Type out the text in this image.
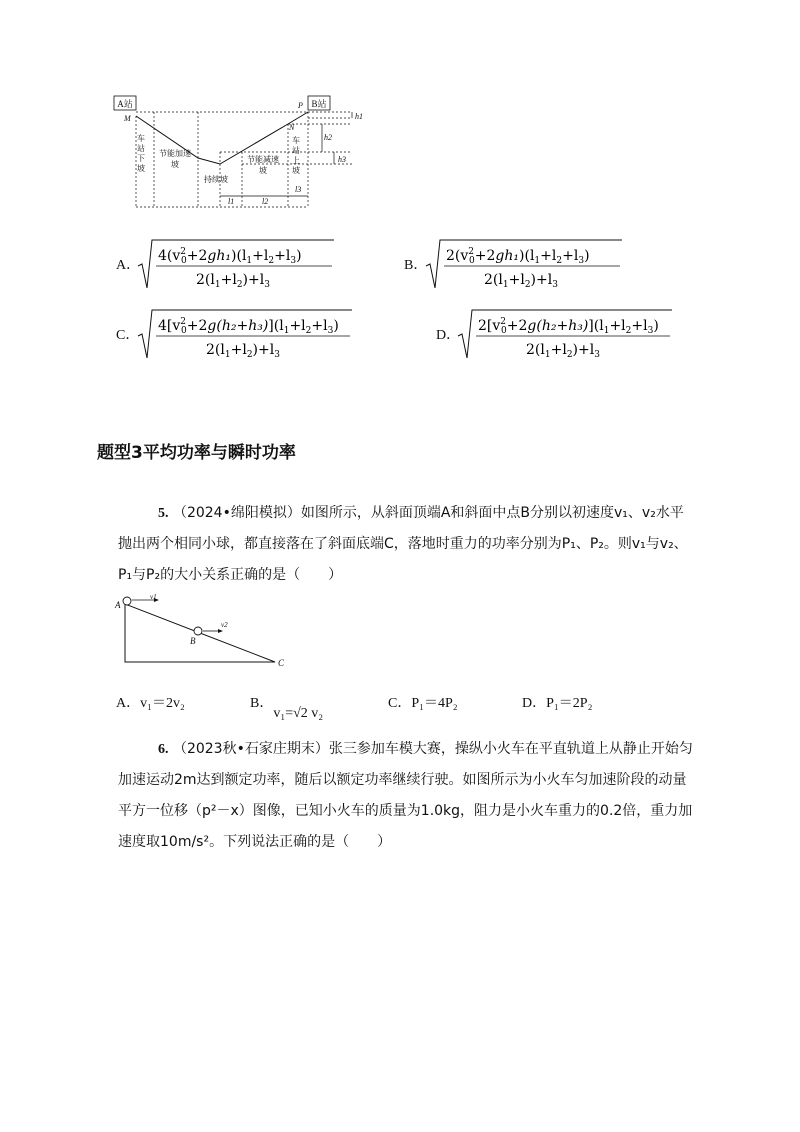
A站	B站
M
P
N
h1
h2
h3
l1	l2
l3
车站下坡
节能加速坡
持续坡
节能减速坡
车站上坡
A．
$4(v^2$ $0+2gh_1)(l_1+l_2+l_3)$
$2(l_1+l_2)+l_3$
B．
$2(v^2$ $0+2gh_1)(l_1+l_2+l_3)$
$2(l_1+l_2)+l_3$
C．
$4[v^2$ $0+2g(h_2+h_3)](l_1+l_2+l_3)$
$2(l_1+l_2)+l_3$
D．
$2[v^2$ $0+2g(h_2+h_3)](l_1+l_2+l_3)$
$2(l_1+l_2)+l_3$
题型3平均功率与瞬时功率
5. （2024•绵阳模拟）如图所示，从斜面顶端A和斜面中点B分别以初速度v₁、v₂水平
抛出两个相同小球，都直接落在了斜面底端C，落地时重力的功率分别为P₁、P₂。则v₁与v₂、
P₁与P₂的大小关系正确的是（　　）
A
v1
B
v2
C
A．v₁＝2v₂	B．v₁=√2 v₂
C．P₁＝4P₂	D．P₁＝2P₂
6. （2023秋•石家庄期末）张三参加车模大赛，操纵小火车在平直轨道上从静止开始匀
加速运动2m达到额定功率，随后以额定功率继续行驶。如图所示为小火车匀加速阶段的动量
平方一位移（p²－x）图像，已知小火车的质量为1.0kg，阻力是小火车重力的0.2倍，重力加
速度取10m/s²。下列说法正确的是（　　）
